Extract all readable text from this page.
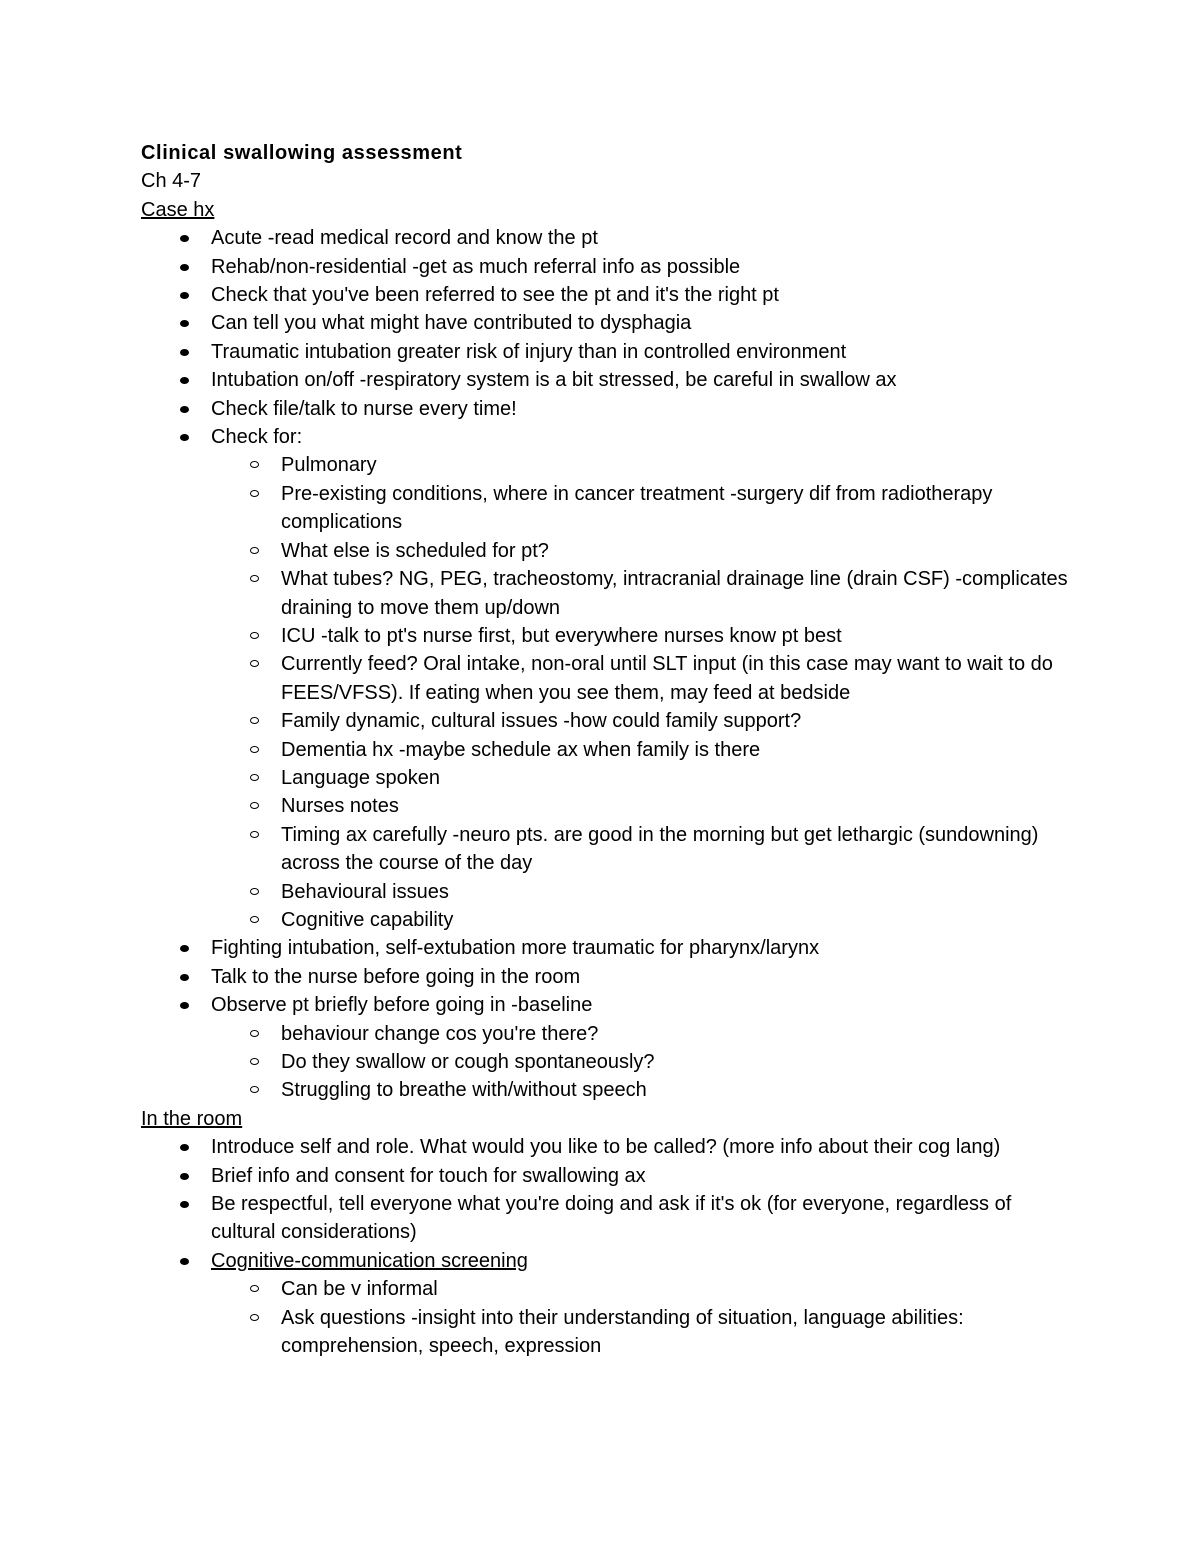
Clinical swallowing assessment

Ch 4-7

Case hx

Acute -read medical record and know the pt
Rehab/non-residential -get as much referral info as possible
Check that you've been referred to see the pt and it's the right pt
Can tell you what might have contributed to dysphagia
Traumatic intubation greater risk of injury than in controlled environment
Intubation on/off -respiratory system is a bit stressed, be careful in swallow ax
Check file/talk to nurse every time!
Check for:
Pulmonary
Pre-existing conditions, where in cancer treatment -surgery dif from radiotherapy complications
What else is scheduled for pt?
What tubes? NG, PEG, tracheostomy, intracranial drainage line (drain CSF) -complicates draining to move them up/down
ICU -talk to pt's nurse first, but everywhere nurses know pt best
Currently feed? Oral intake, non-oral until SLT input (in this case may want to wait to do FEES/VFSS). If eating when you see them, may feed at bedside
Family dynamic, cultural issues -how could family support?
Dementia hx -maybe schedule ax when family is there
Language spoken
Nurses notes
Timing ax carefully -neuro pts. are good in the morning but get lethargic (sundowning) across the course of the day
Behavioural issues
Cognitive capability
Fighting intubation, self-extubation more traumatic for pharynx/larynx
Talk to the nurse before going in the room
Observe pt briefly before going in -baseline
behaviour change cos you're there?
Do they swallow or cough spontaneously?
Struggling to breathe with/without speech

In the room

Introduce self and role. What would you like to be called? (more info about their cog lang)
Brief info and consent for touch for swallowing ax
Be respectful, tell everyone what you're doing and ask if it's ok (for everyone, regardless of cultural considerations)
Cognitive-communication screening
Can be v informal
Ask questions -insight into their understanding of situation, language abilities: comprehension, speech, expression
